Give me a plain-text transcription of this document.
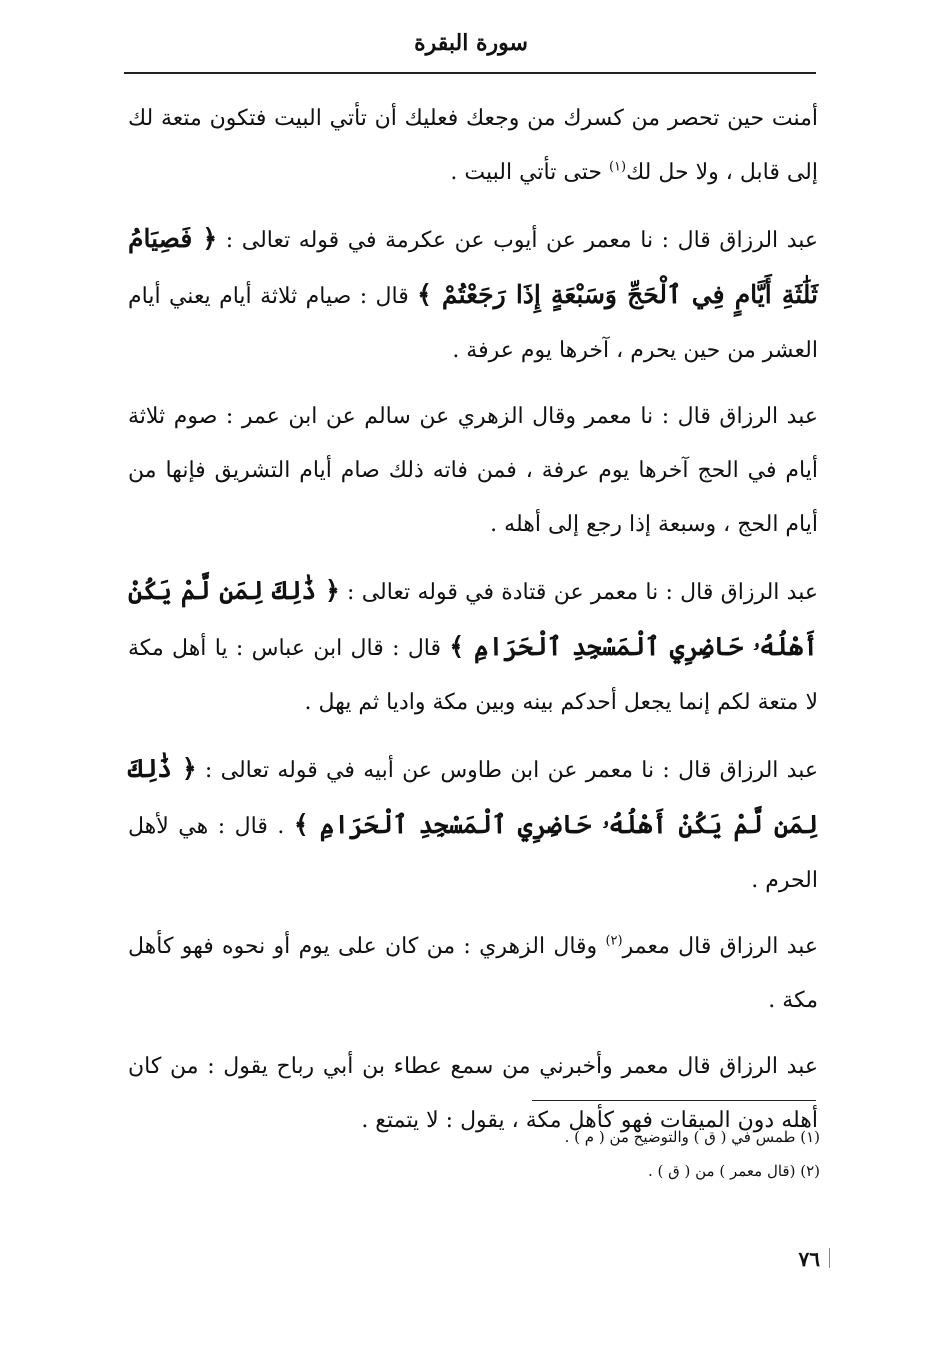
سورة البقرة

أمنت حين تحصر من كسرك من وجعك فعليك أن تأتي البيت فتكون متعة لك إلى قابل ، ولا حل لك$^{(١)}$ حتى تأتي البيت .

عبد الرزاق قال : نا معمر عن أيوب عن عكرمة في قوله تعالى : ﴿ فَصِيَامُ ثَلَٰثَةِ أَيَّامٍ فِي ٱلْحَجِّ وَسَبْعَةٍ إِذَا رَجَعْتُمْ ﴾ قال : صيام ثلاثة أيام يعني أيام العشر من حين يحرم ، آخرها يوم عرفة .

عبد الرزاق قال : نا معمر وقال الزهري عن سالم عن ابن عمر : صوم ثلاثة أيام في الحج آخرها يوم عرفة ، فمن فاته ذلك صام أيام التشريق فإنها من أيام الحج ، وسبعة إذا رجع إلى أهله .

عبد الرزاق قال : نا معمر عن قتادة في قوله تعالى : ﴿ ذَٰلِكَ لِمَن لَّمْ يَكُنْ أَهْلُهُۥ حَاضِرِي ٱلْمَسْجِدِ ٱلْحَرَامِ ﴾ قال : قال ابن عباس : يا أهل مكة لا متعة لكم إنما يجعل أحدكم بينه وبين مكة واديا ثم يهل .

عبد الرزاق قال : نا معمر عن ابن طاوس عن أبيه في قوله تعالى : ﴿ ذَٰلِكَ لِمَن لَّمْ يَكُنْ أَهْلُهُۥ حَاضِرِي ٱلْمَسْجِدِ ٱلْحَرَامِ ﴾ . قال : هي لأهل الحرم .

عبد الرزاق قال معمر$^{(٢)}$ وقال الزهري : من كان على يوم أو نحوه فهو كأهل مكة .

عبد الرزاق قال معمر وأخبرني من سمع عطاء بن أبي رباح يقول : من كان أهله دون الميقات فهو كأهل مكة ، يقول : لا يتمتع .

(١) طمس في ( ق ) والتوضيح من ( م ) .
(٢) (قال معمر ) من ( ق ) .
٧٦
